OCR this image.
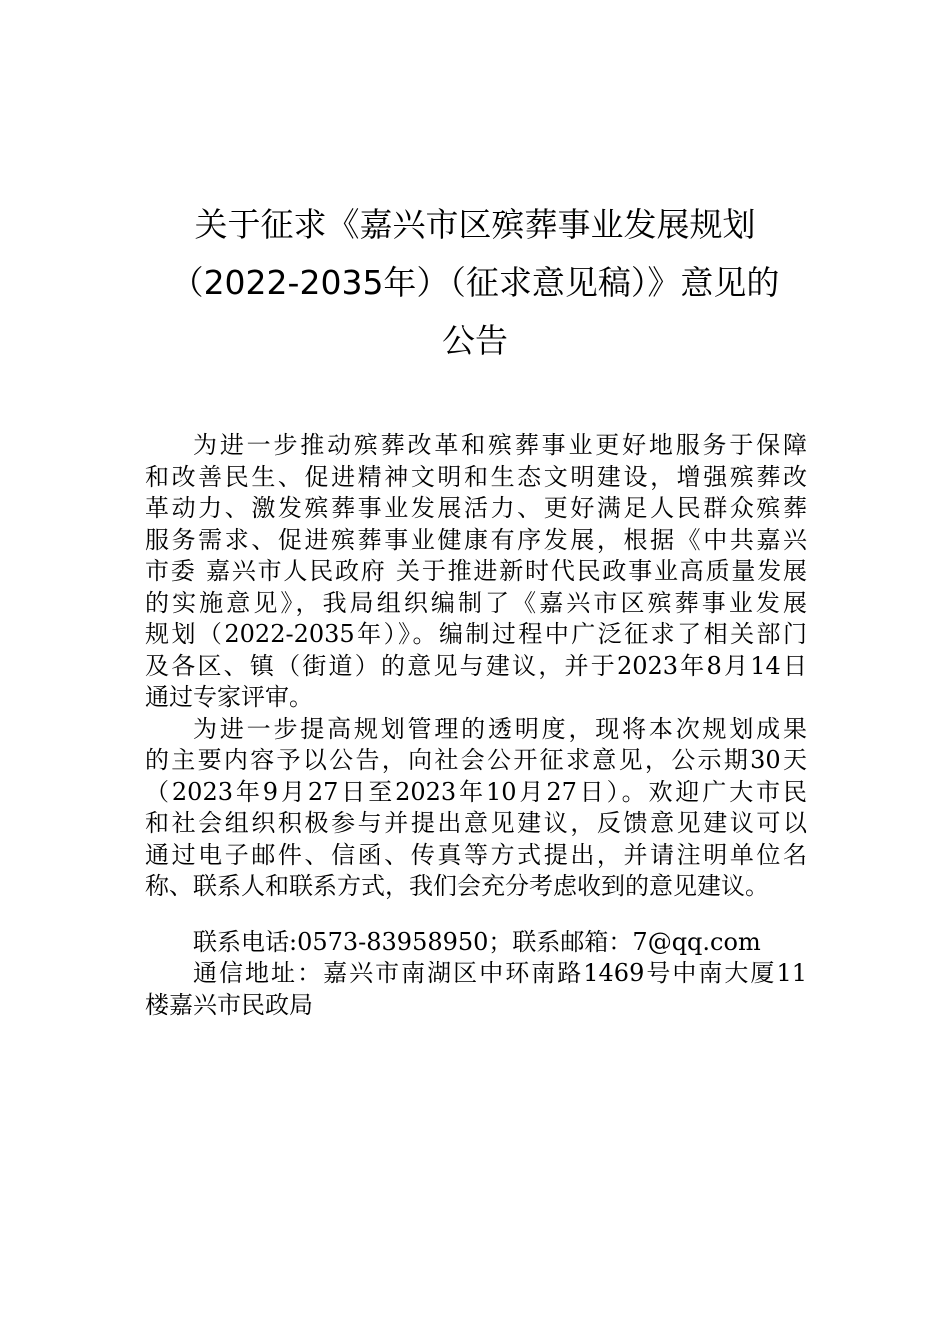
关于征求《嘉兴市区殡葬事业发展规划
（2022-2035年）（征求意见稿）》意见的
公告
为进一步推动殡葬改革和殡葬事业更好地服务于保障
和改善民生、促进精神文明和生态文明建设，增强殡葬改
革动力、激发殡葬事业发展活力、更好满足人民群众殡葬
服务需求、促进殡葬事业健康有序发展，根据《中共嘉兴
市委 嘉兴市人民政府 关于推进新时代民政事业高质量发展
的实施意见》，我局组织编制了《嘉兴市区殡葬事业发展
规划（2022-2035年）》。编制过程中广泛征求了相关部门
及各区、镇（街道）的意见与建议，并于2023年8月14日
通过专家评审。
为进一步提高规划管理的透明度，现将本次规划成果
的主要内容予以公告，向社会公开征求意见，公示期30天
（2023年9月27日至2023年10月27日）。欢迎广大市民
和社会组织积极参与并提出意见建议，反馈意见建议可以
通过电子邮件、信函、传真等方式提出，并请注明单位名
称、联系人和联系方式，我们会充分考虑收到的意见建议。
联系电话:0573-83958950；联系邮箱：7@qq.com
通信地址：嘉兴市南湖区中环南路1469号中南大厦11
楼嘉兴市民政局
